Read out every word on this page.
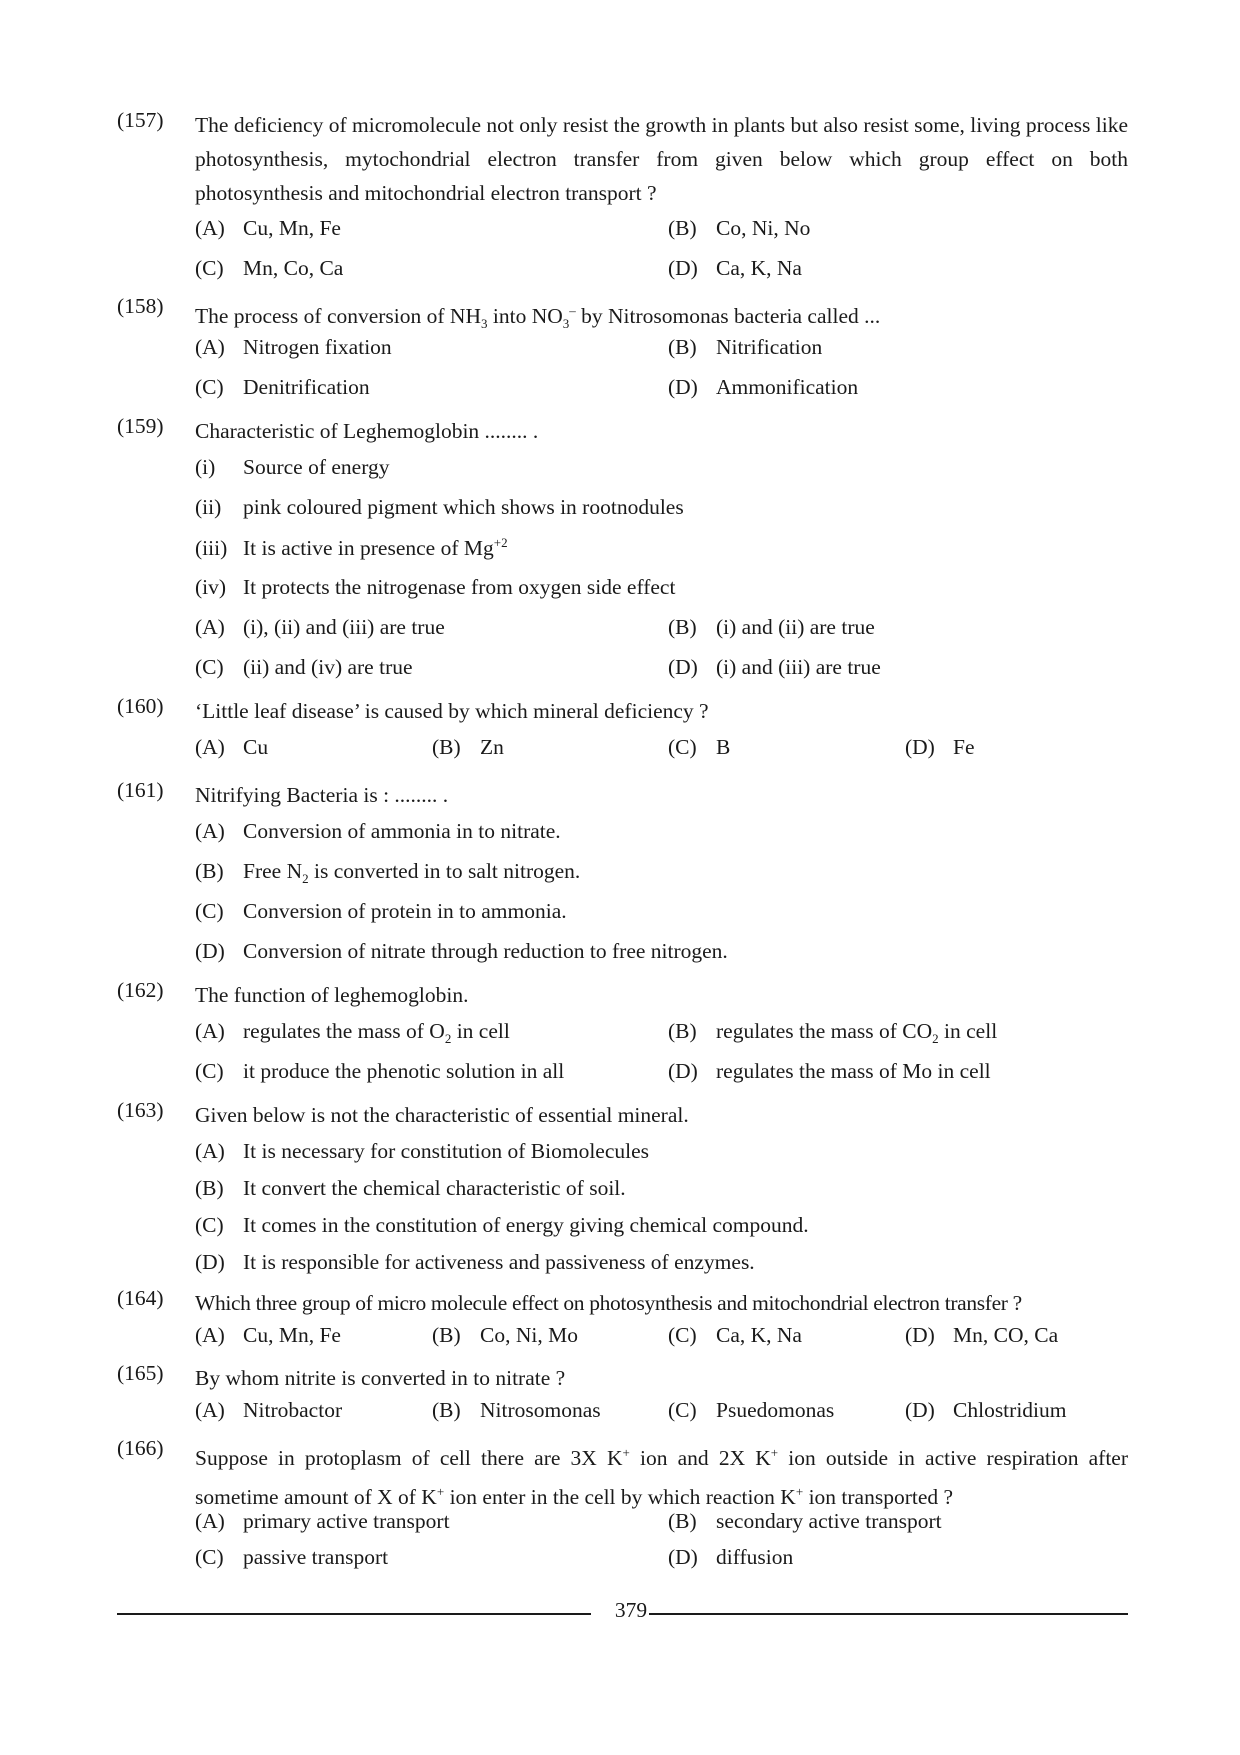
(157) The deficiency of micromolecule not only resist the growth in plants but also resist some, living process like photosynthesis, mytochondrial electron transfer from given below which group effect on both photosynthesis and mitochondrial electron transport ?
(A) Cu, Mn, Fe	(B) Co, Ni, No
(C) Mn, Co, Ca	(D) Ca, K, Na
(158) The process of conversion of $NH_3$ into $NO_3^-$ by Nitrosomonas bacteria called ...
(A) Nitrogen fixation	(B) Nitrification
(C) Denitrification	(D) Ammonification
(159) Characteristic of Leghemoglobin ........ .
(i) Source of energy
(ii) pink coloured pigment which shows in rootnodules
(iii) It is active in presence of $Mg^{+2}$
(iv) It protects the nitrogenase from oxygen side effect
(A) (i), (ii) and (iii) are true	(B) (i) and (ii) are true
(C) (ii) and (iv) are true	(D) (i) and (iii) are true
(160) ‘Little leaf disease’ is caused by which mineral deficiency ?
(A) Cu	(B) Zn	(C) B	(D) Fe
(161) Nitrifying Bacteria is : ........ .
(A) Conversion of ammonia in to nitrate.
(B) Free $N_2$ is converted in to salt nitrogen.
(C) Conversion of protein in to ammonia.
(D) Conversion of nitrate through reduction to free nitrogen.
(162) The function of leghemoglobin.
(A) regulates the mass of $O_2$ in cell	(B) regulates the mass of $CO_2$ in cell
(C) it produce the phenotic solution in all	(D) regulates the mass of Mo in cell
(163) Given below is not the characteristic of essential mineral.
(A) It is necessary for constitution of Biomolecules
(B) It convert the chemical characteristic of soil.
(C) It comes in the constitution of energy giving chemical compound.
(D) It is responsible for activeness and passiveness of enzymes.
(164) Which three group of micro molecule effect on photosynthesis and mitochondrial electron transfer ?
(A) Cu, Mn, Fe	(B) Co, Ni, Mo	(C) Ca, K, Na	(D) Mn, CO, Ca
(165) By whom nitrite is converted in to nitrate ?
(A) Nitrobactor	(B) Nitrosomonas	(C) Psuedomonas	(D) Chlostridium
(166) Suppose in protoplasm of cell there are 3X K+ ion and 2X K+ ion outside in active respiration after sometime amount of X of K+ ion enter in the cell by which reaction K+ ion transported ?
(A) primary active transport	(B) secondary active transport
(C) passive transport	(D) diffusion
379
